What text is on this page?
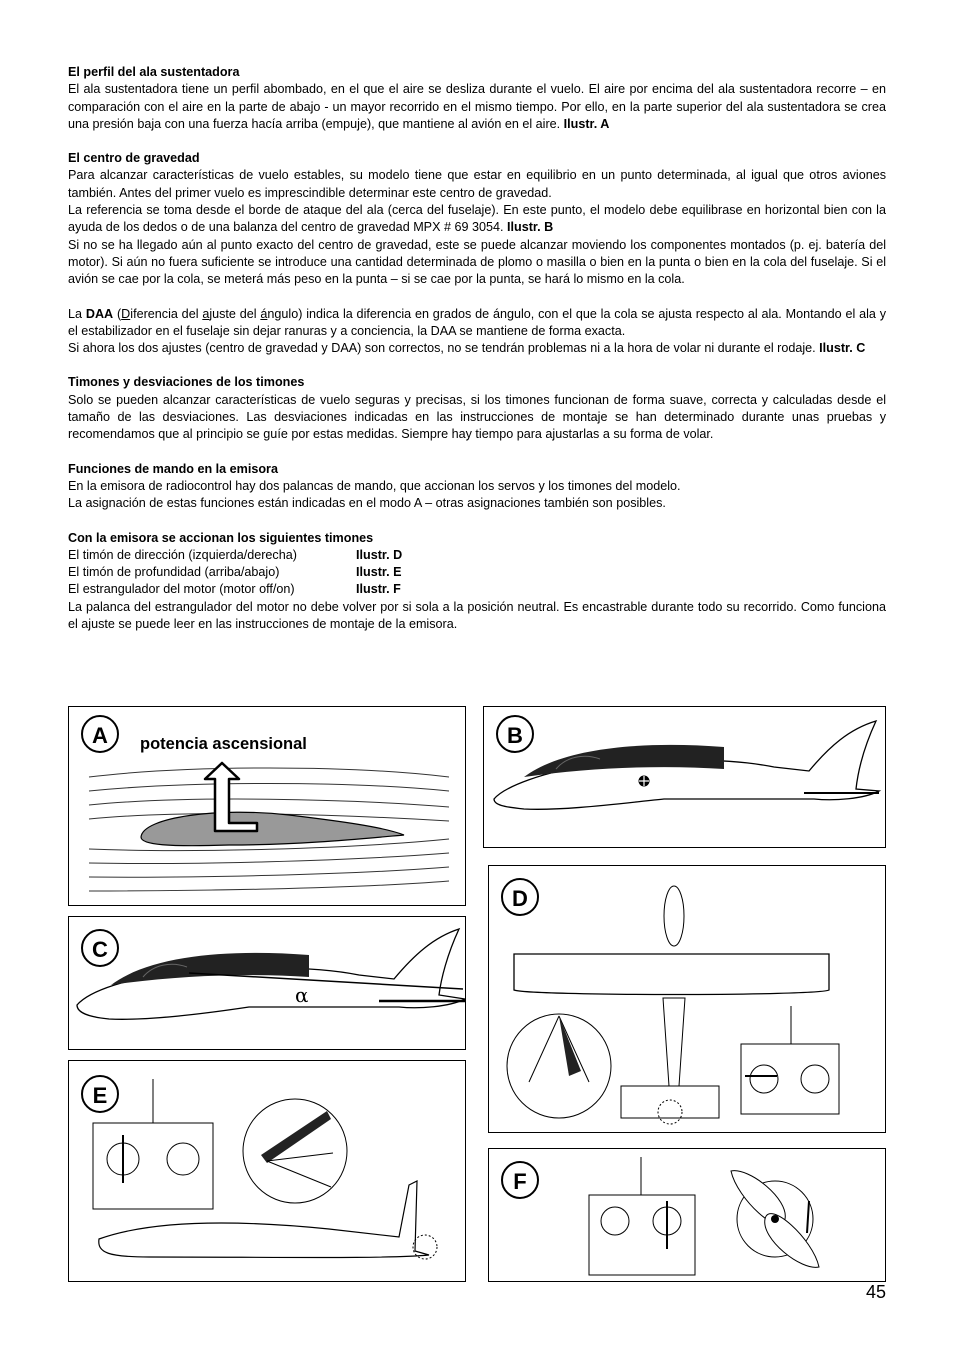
El perfil del ala sustentadora

El ala sustentadora tiene un perfil abombado, en el que el aire se desliza durante el vuelo. El aire por encima del ala sustentadora recorre – en comparación con el aire en la parte de abajo - un mayor recorrido en el mismo tiempo. Por ello, en la parte superior del ala sustentadora se crea una presión baja con una fuerza hacía arriba (empuje), que mantiene al avión en el aire. Ilustr. A

El centro de gravedad

Para alcanzar características de vuelo estables, su modelo tiene que estar en equilibrio en un punto determinada, al igual que otros aviones también. Antes del primer vuelo es imprescindible determinar este centro de gravedad.

La referencia se toma desde el borde de ataque del ala (cerca del fuselaje). En este punto, el modelo debe equilibrase en horizontal bien con la ayuda de los dedos o de una balanza del centro de gravedad MPX # 69 3054. Ilustr. B

Si no se ha llegado aún al punto exacto del centro de gravedad, este se puede alcanzar moviendo los componentes montados (p. ej. batería del motor). Si aún no fuera suficiente se introduce una cantidad determinada de plomo o masilla o bien en la punta o bien en la cola del fuselaje. Si el avión se cae por la cola, se meterá más peso en la punta – si se cae por la punta, se hará lo mismo en la cola.

La DAA (Diferencia del ajuste del ángulo) indica la diferencia en grados de ángulo, con el que la cola se ajusta respecto al ala. Montando el ala y el estabilizador en el fuselaje sin dejar ranuras y a conciencia, la DAA se mantiene de forma exacta.

Si ahora los dos ajustes (centro de gravedad y DAA) son correctos, no se tendrán problemas ni a la hora de volar ni durante el rodaje. Ilustr. C

Timones y desviaciones de los timones

Solo se pueden alcanzar características de vuelo seguras y precisas, si los timones funcionan de forma suave, correcta y calculadas desde el tamaño de las desviaciones. Las desviaciones indicadas en las instrucciones de montaje se han determinado durante unas pruebas y recomendamos que al principio se guíe por estas medidas. Siempre hay tiempo para ajustarlas a su forma de volar.

Funciones de mando en la emisora

En la emisora de radiocontrol hay dos palancas de mando, que accionan los servos y los timones del modelo.

La asignación de estas funciones están indicadas en el modo A – otras asignaciones también son posibles.

Con la emisora se accionan los siguientes timones
El timón de dirección (izquierda/derecha)	Ilustr. D
El timón de profundidad (arriba/abajo)	Ilustr. E
El estrangulador del motor (motor off/on)	Ilustr. F

La palanca del estrangulador del motor no debe volver por si sola a la posición neutral. Es encastrable durante todo su recorrido. Como funciona el ajuste se puede leer en las instrucciones de montaje de la emisora.

A	potencia ascensional	B
C
α
D
E
F
45
